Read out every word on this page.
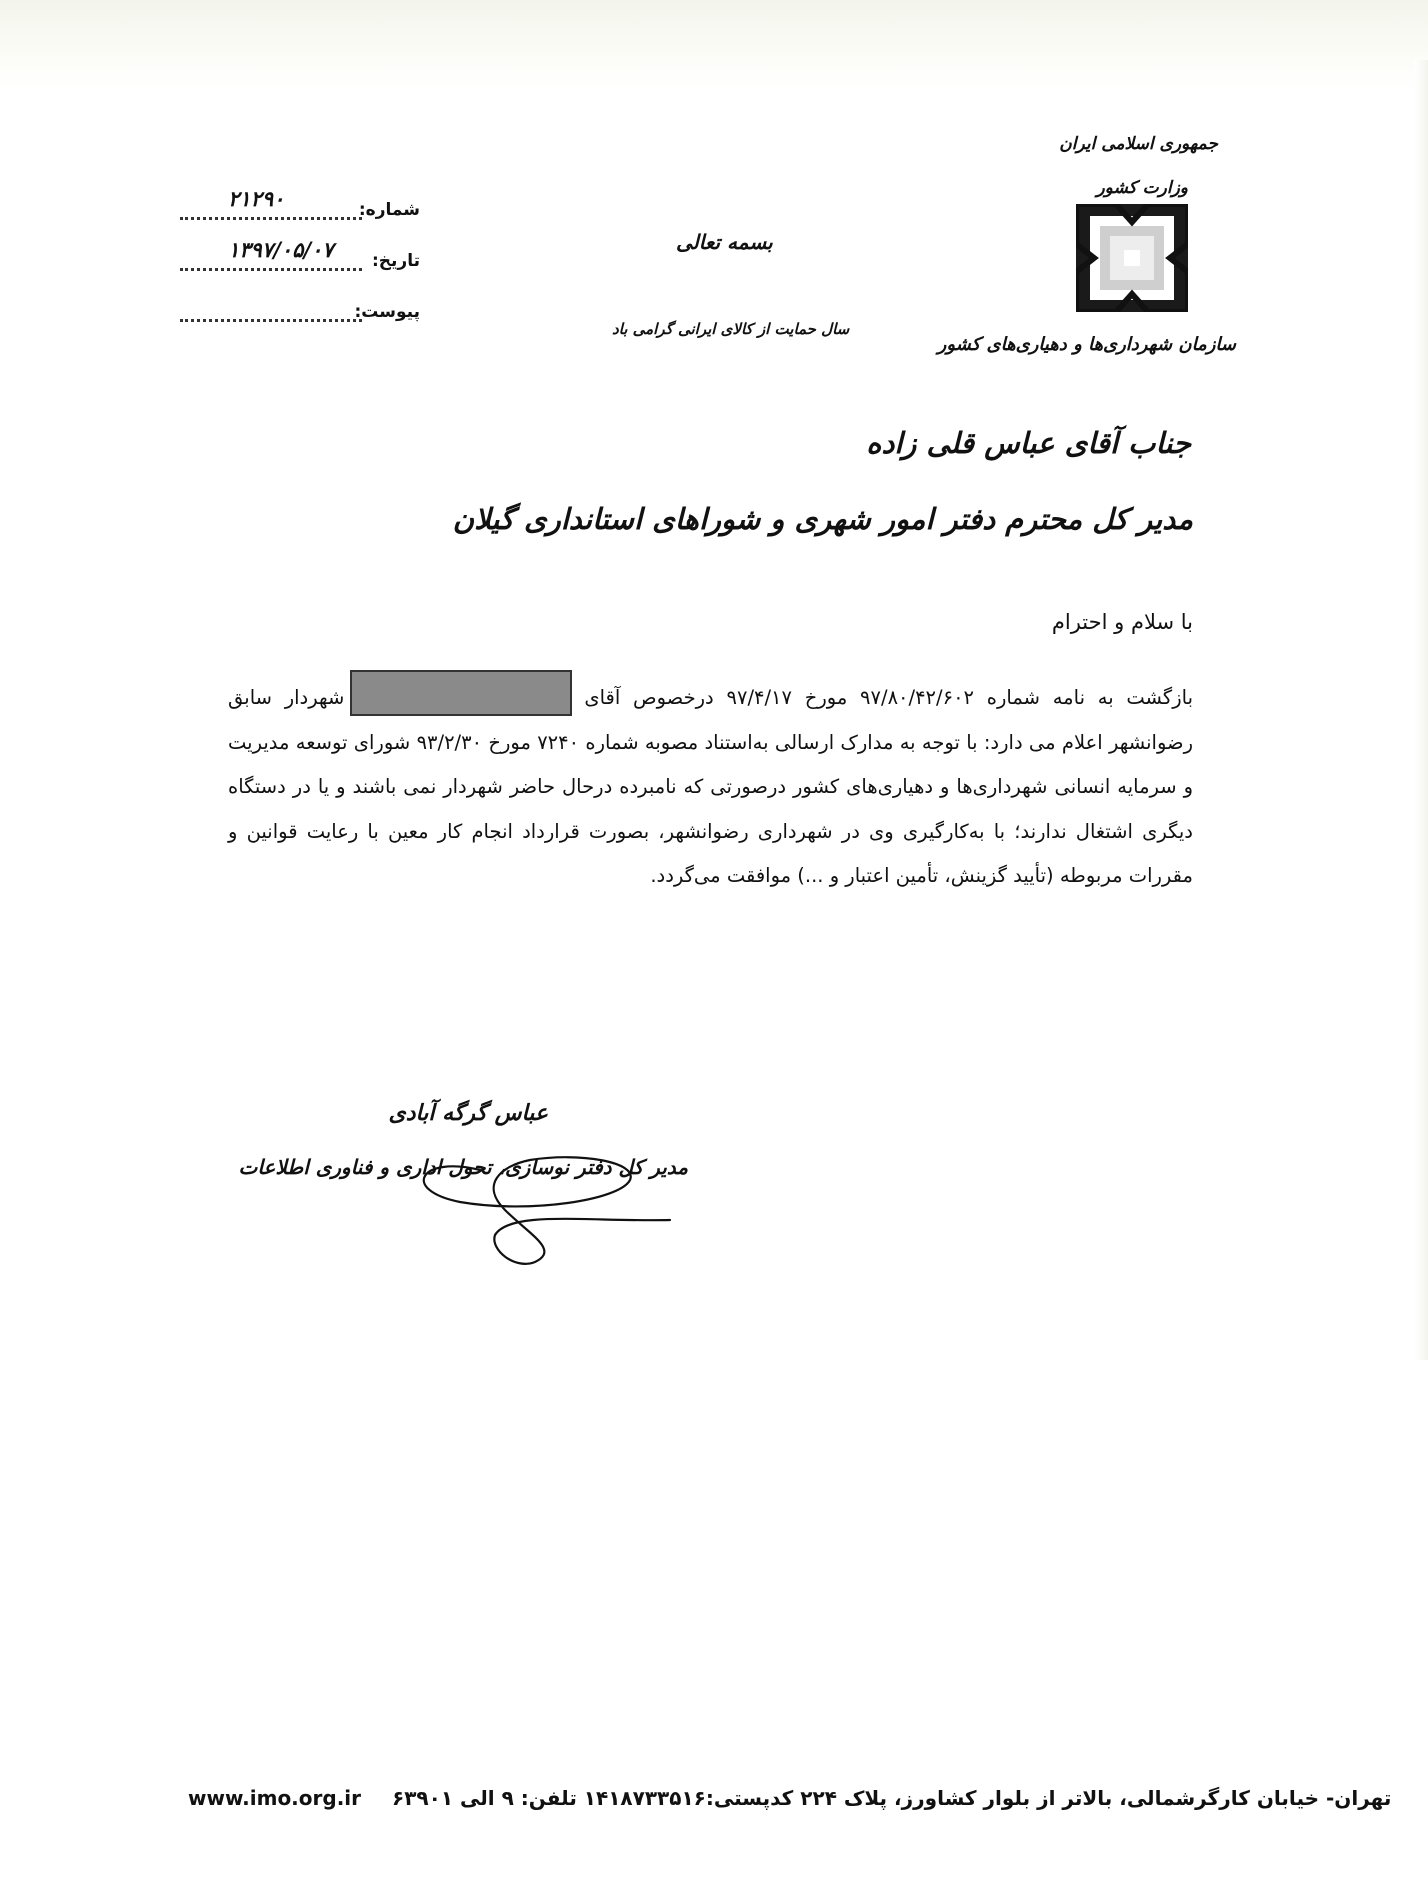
جمهوری اسلامی ایران
وزارت کشور
سازمان شهرداری‌ها و دهیاری‌های کشور
بسمه تعالی
سال حمایت از کالای ایرانی گرامی باد
شماره:
۲۱۲۹۰
تاریخ:
۱۳۹۷/۰۵/۰۷
پیوست:
جناب آقای عباس قلی زاده
مدیر کل محترم دفتر امور شهری و شوراهای استانداری گیلان
با سلام و احترام
بازگشت به نامه شماره ۹۷/۸۰/۴۲/۶۰۲ مورخ ۹۷/۴/۱۷ درخصوص آقایشهردار سابق رضوانشهر اعلام می دارد: با توجه به مدارک ارسالی به‌استناد مصوبه شماره ۷۲۴۰ مورخ ۹۳/۲/۳۰ شورای توسعه مدیریت و سرمایه انسانی شهرداری‌ها و دهیاری‌های کشور درصورتی که نامبرده درحال حاضر شهردار نمی باشند و یا در دستگاه دیگری اشتغال ندارند؛ با به‌کارگیری وی در شهرداری رضوانشهر، بصورت قرارداد انجام کار معین با رعایت قوانین و مقررات مربوطه (تأیید گزینش، تأمین اعتبار و ...) موافقت می‌گردد.
عباس گرگه آبادی
مدیر کل دفتر نوسازی، تحول اداری و فناوری اطلاعات
www.imo.org.ir تهران- خیابان کارگرشمالی، بالاتر از بلوار کشاورز، پلاک ۲۲۴ کدپستی:۱۴۱۸۷۳۳۵۱۶ تلفن: ۹ الی ۶۳۹۰۱
